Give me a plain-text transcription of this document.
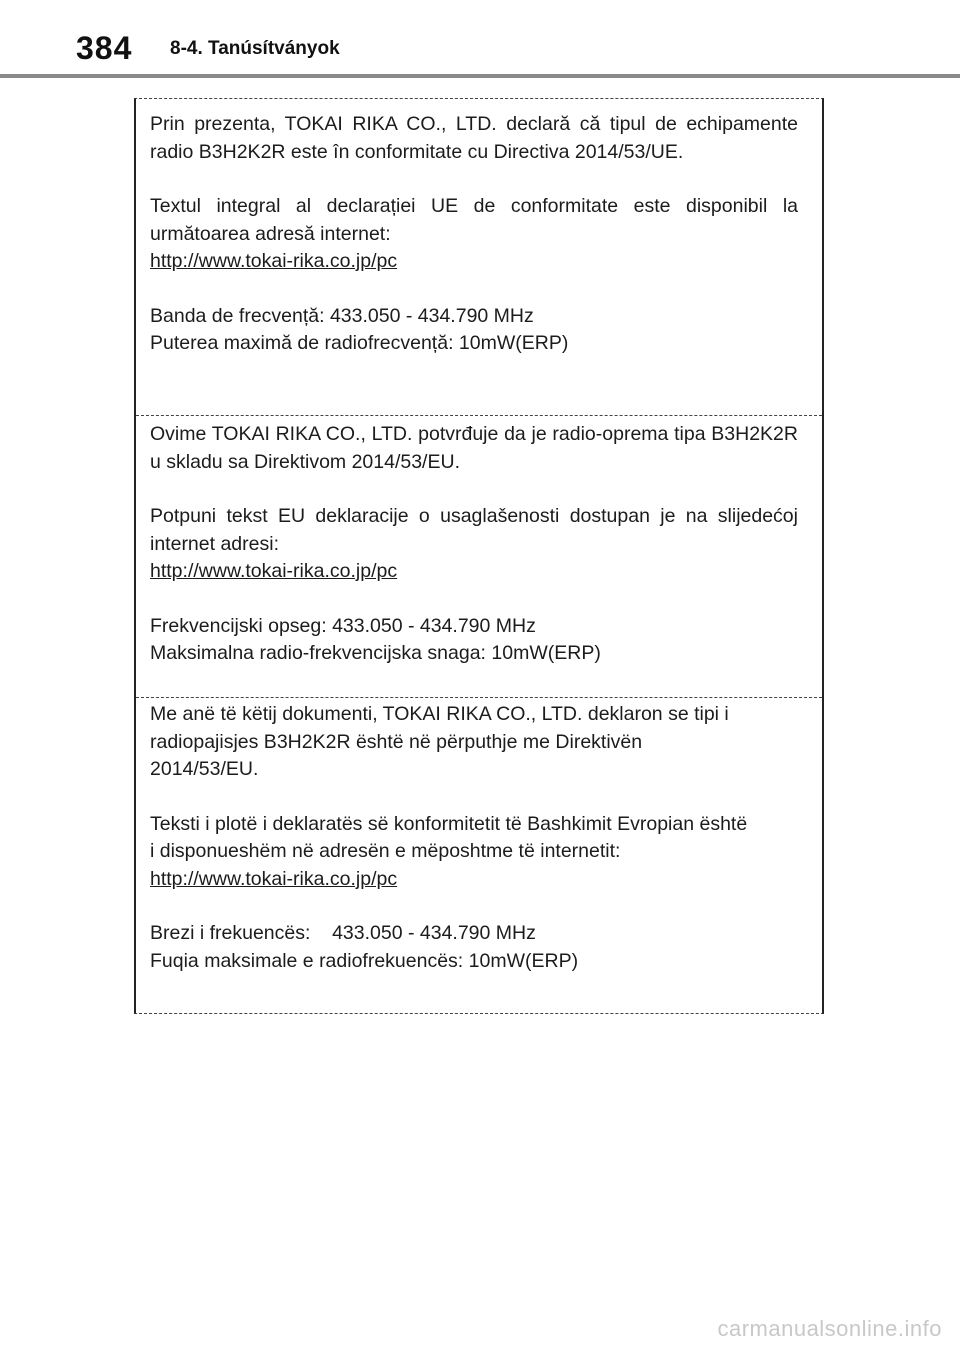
384 8-4. Tanúsítványok

Prin prezenta, TOKAI RIKA CO., LTD. declară că tipul de echipamente radio B3H2K2R este în conformitate cu Directiva 2014/53/UE.

Textul integral al declarației UE de conformitate este disponibil la următoarea adresă internet:
http://www.tokai-rika.co.jp/pc

Banda de frecvență: 433.050 - 434.790 MHz
Puterea maximă de radiofrecvență: 10mW(ERP)

Ovime TOKAI RIKA CO., LTD. potvrđuje da je radio-oprema tipa B3H2K2R u skladu sa Direktivom 2014/53/EU.

Potpuni tekst EU deklaracije o usaglašenosti dostupan je na slijedećoj internet adresi:
http://www.tokai-rika.co.jp/pc

Frekvencijski opseg: 433.050 - 434.790 MHz
Maksimalna radio-frekvencijska snaga: 10mW(ERP)

Me anë të këtij dokumenti, TOKAI RIKA CO., LTD. deklaron se tipi i
radiopajisjes B3H2K2R është në përputhje me Direktivën
2014/53/EU.

Teksti i plotë i deklaratës së konformitetit të Bashkimit Evropian është
i disponueshëm në adresën e mëposhtme të internetit:
http://www.tokai-rika.co.jp/pc

Brezi i frekuencës:    433.050 - 434.790 MHz
Fuqia maksimale e radiofrekuencës: 10mW(ERP)

carmanualsonline.info
